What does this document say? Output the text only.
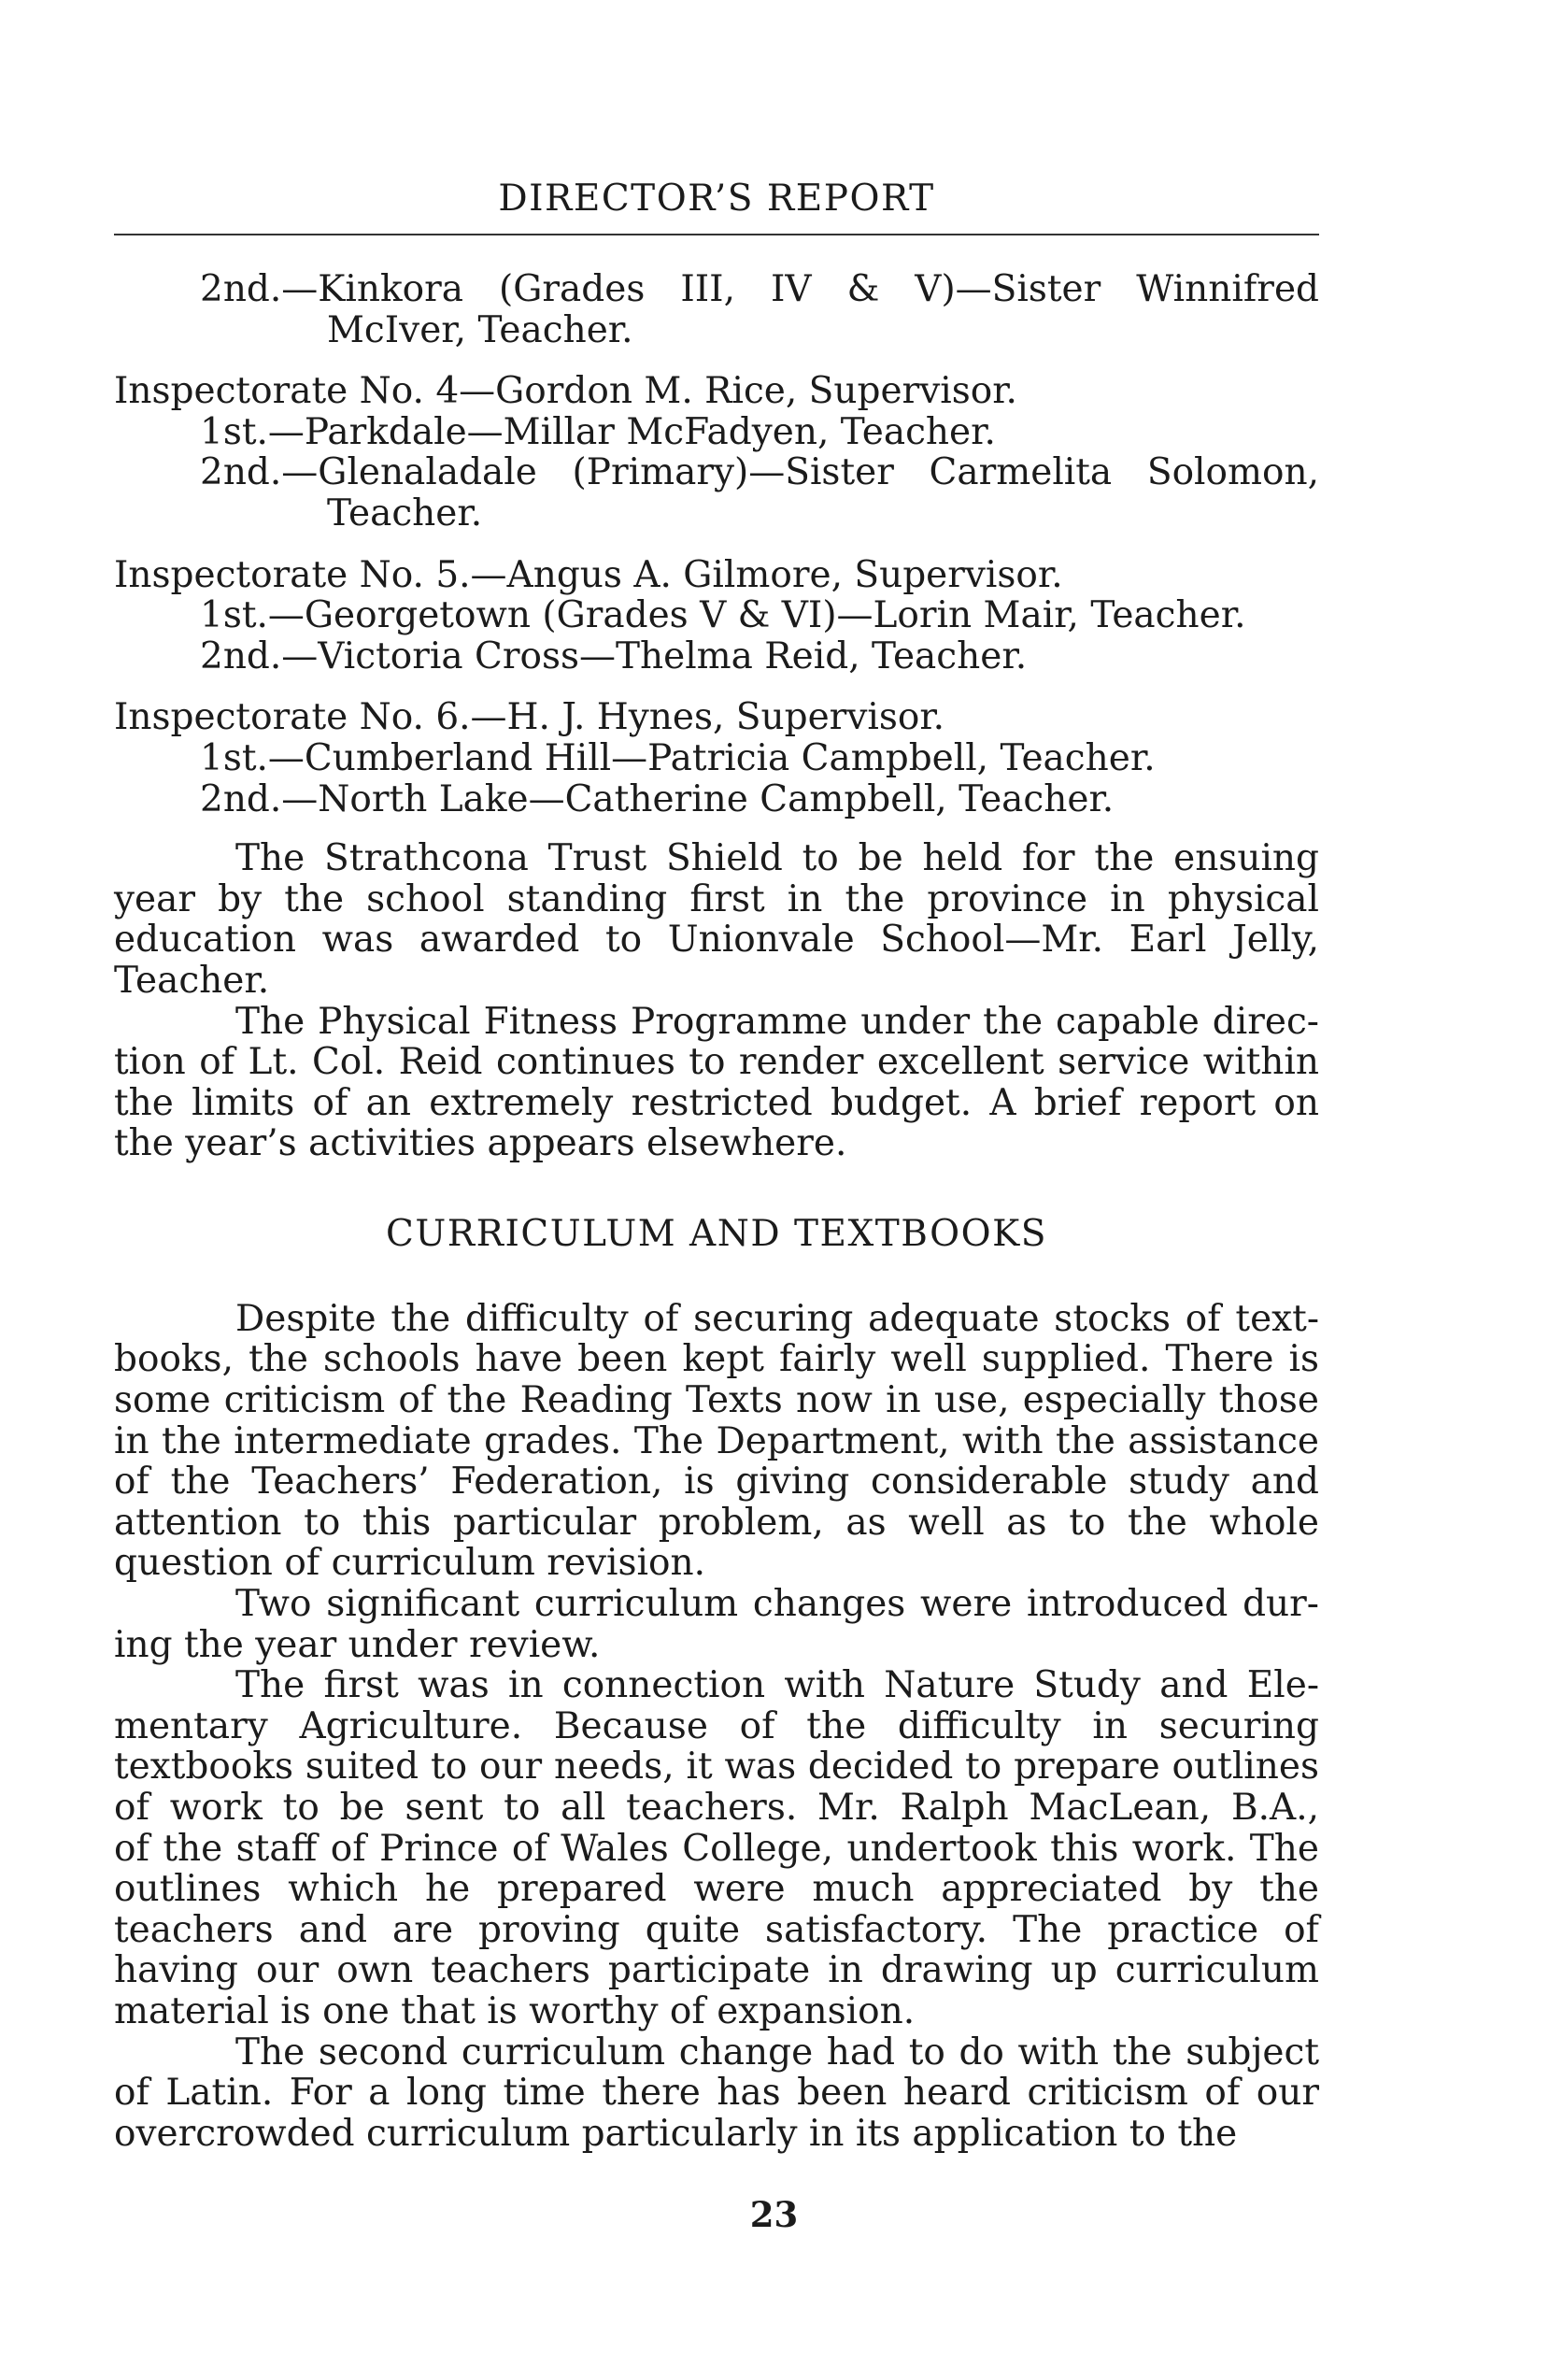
DIRECTOR’S REPORT
2nd.—Kinkora (Grades III, IV & V)—Sister Winnifred
McIver, Teacher.
Inspectorate No. 4—Gordon M. Rice, Supervisor.
1st.—Parkdale—Millar McFadyen, Teacher.
2nd.—Glenaladale (Primary)—Sister Carmelita Solomon,
Teacher.
Inspectorate No. 5.—Angus A. Gilmore, Supervisor.
1st.—Georgetown (Grades V & VI)—Lorin Mair, Teacher.
2nd.—Victoria Cross—Thelma Reid, Teacher.
Inspectorate No. 6.—H. J. Hynes, Supervisor.
1st.—Cumberland Hill—Patricia Campbell, Teacher.
2nd.—North Lake—Catherine Campbell, Teacher.
The Strathcona Trust Shield to be held for the ensuing
year by the school standing first in the province in physical
education was awarded to Unionvale School—Mr. Earl Jelly,
Teacher.
The Physical Fitness Programme under the capable direc-
tion of Lt. Col. Reid continues to render excellent service within
the limits of an extremely restricted budget. A brief report on
the year’s activities appears elsewhere.
CURRICULUM AND TEXTBOOKS
Despite the difficulty of securing adequate stocks of text-
books, the schools have been kept fairly well supplied. There is
some criticism of the Reading Texts now in use, especially those
in the intermediate grades. The Department, with the assistance
of the Teachers’ Federation, is giving considerable study and
attention to this particular problem, as well as to the whole
question of curriculum revision.
Two significant curriculum changes were introduced dur-
ing the year under review.
The first was in connection with Nature Study and Ele-
mentary Agriculture. Because of the difficulty in securing
textbooks suited to our needs, it was decided to prepare outlines
of work to be sent to all teachers. Mr. Ralph MacLean, B.A.,
of the staff of Prince of Wales College, undertook this work. The
outlines which he prepared were much appreciated by the
teachers and are proving quite satisfactory. The practice of
having our own teachers participate in drawing up curriculum
material is one that is worthy of expansion.
The second curriculum change had to do with the subject
of Latin. For a long time there has been heard criticism of our
overcrowded curriculum particularly in its application to the
23
